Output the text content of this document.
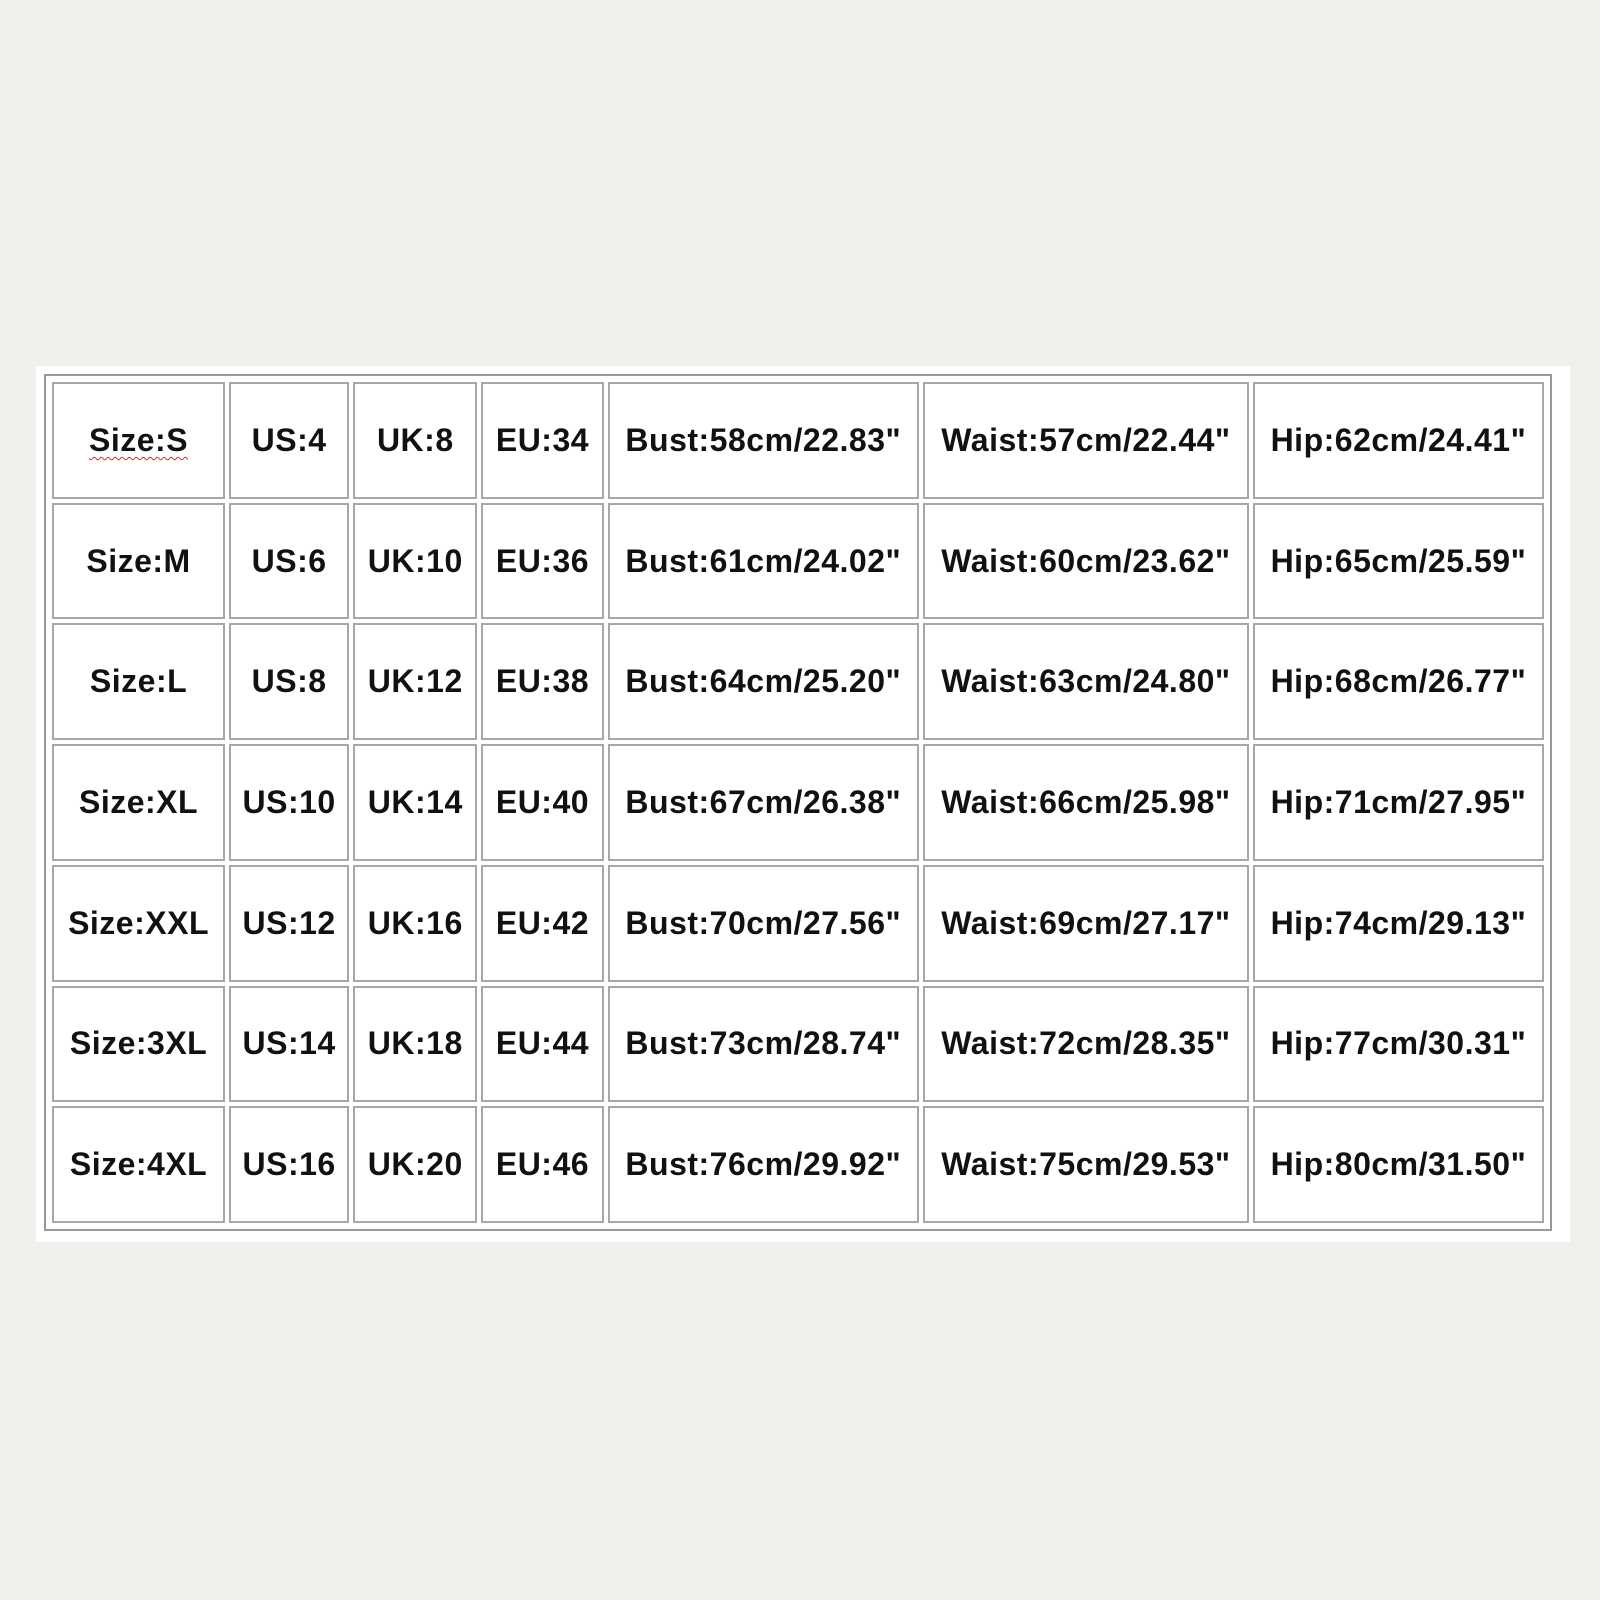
Size:S	US:4	UK:8	EU:34	Bust:58cm/22.83"	Waist:57cm/22.44"	Hip:62cm/24.41"
Size:M	US:6	UK:10	EU:36	Bust:61cm/24.02"	Waist:60cm/23.62"	Hip:65cm/25.59"
Size:L	US:8	UK:12	EU:38	Bust:64cm/25.20"	Waist:63cm/24.80"	Hip:68cm/26.77"
Size:XL	US:10	UK:14	EU:40	Bust:67cm/26.38"	Waist:66cm/25.98"	Hip:71cm/27.95"
Size:XXL	US:12	UK:16	EU:42	Bust:70cm/27.56"	Waist:69cm/27.17"	Hip:74cm/29.13"
Size:3XL	US:14	UK:18	EU:44	Bust:73cm/28.74"	Waist:72cm/28.35"	Hip:77cm/30.31"
Size:4XL	US:16	UK:20	EU:46	Bust:76cm/29.92"	Waist:75cm/29.53"	Hip:80cm/31.50"
